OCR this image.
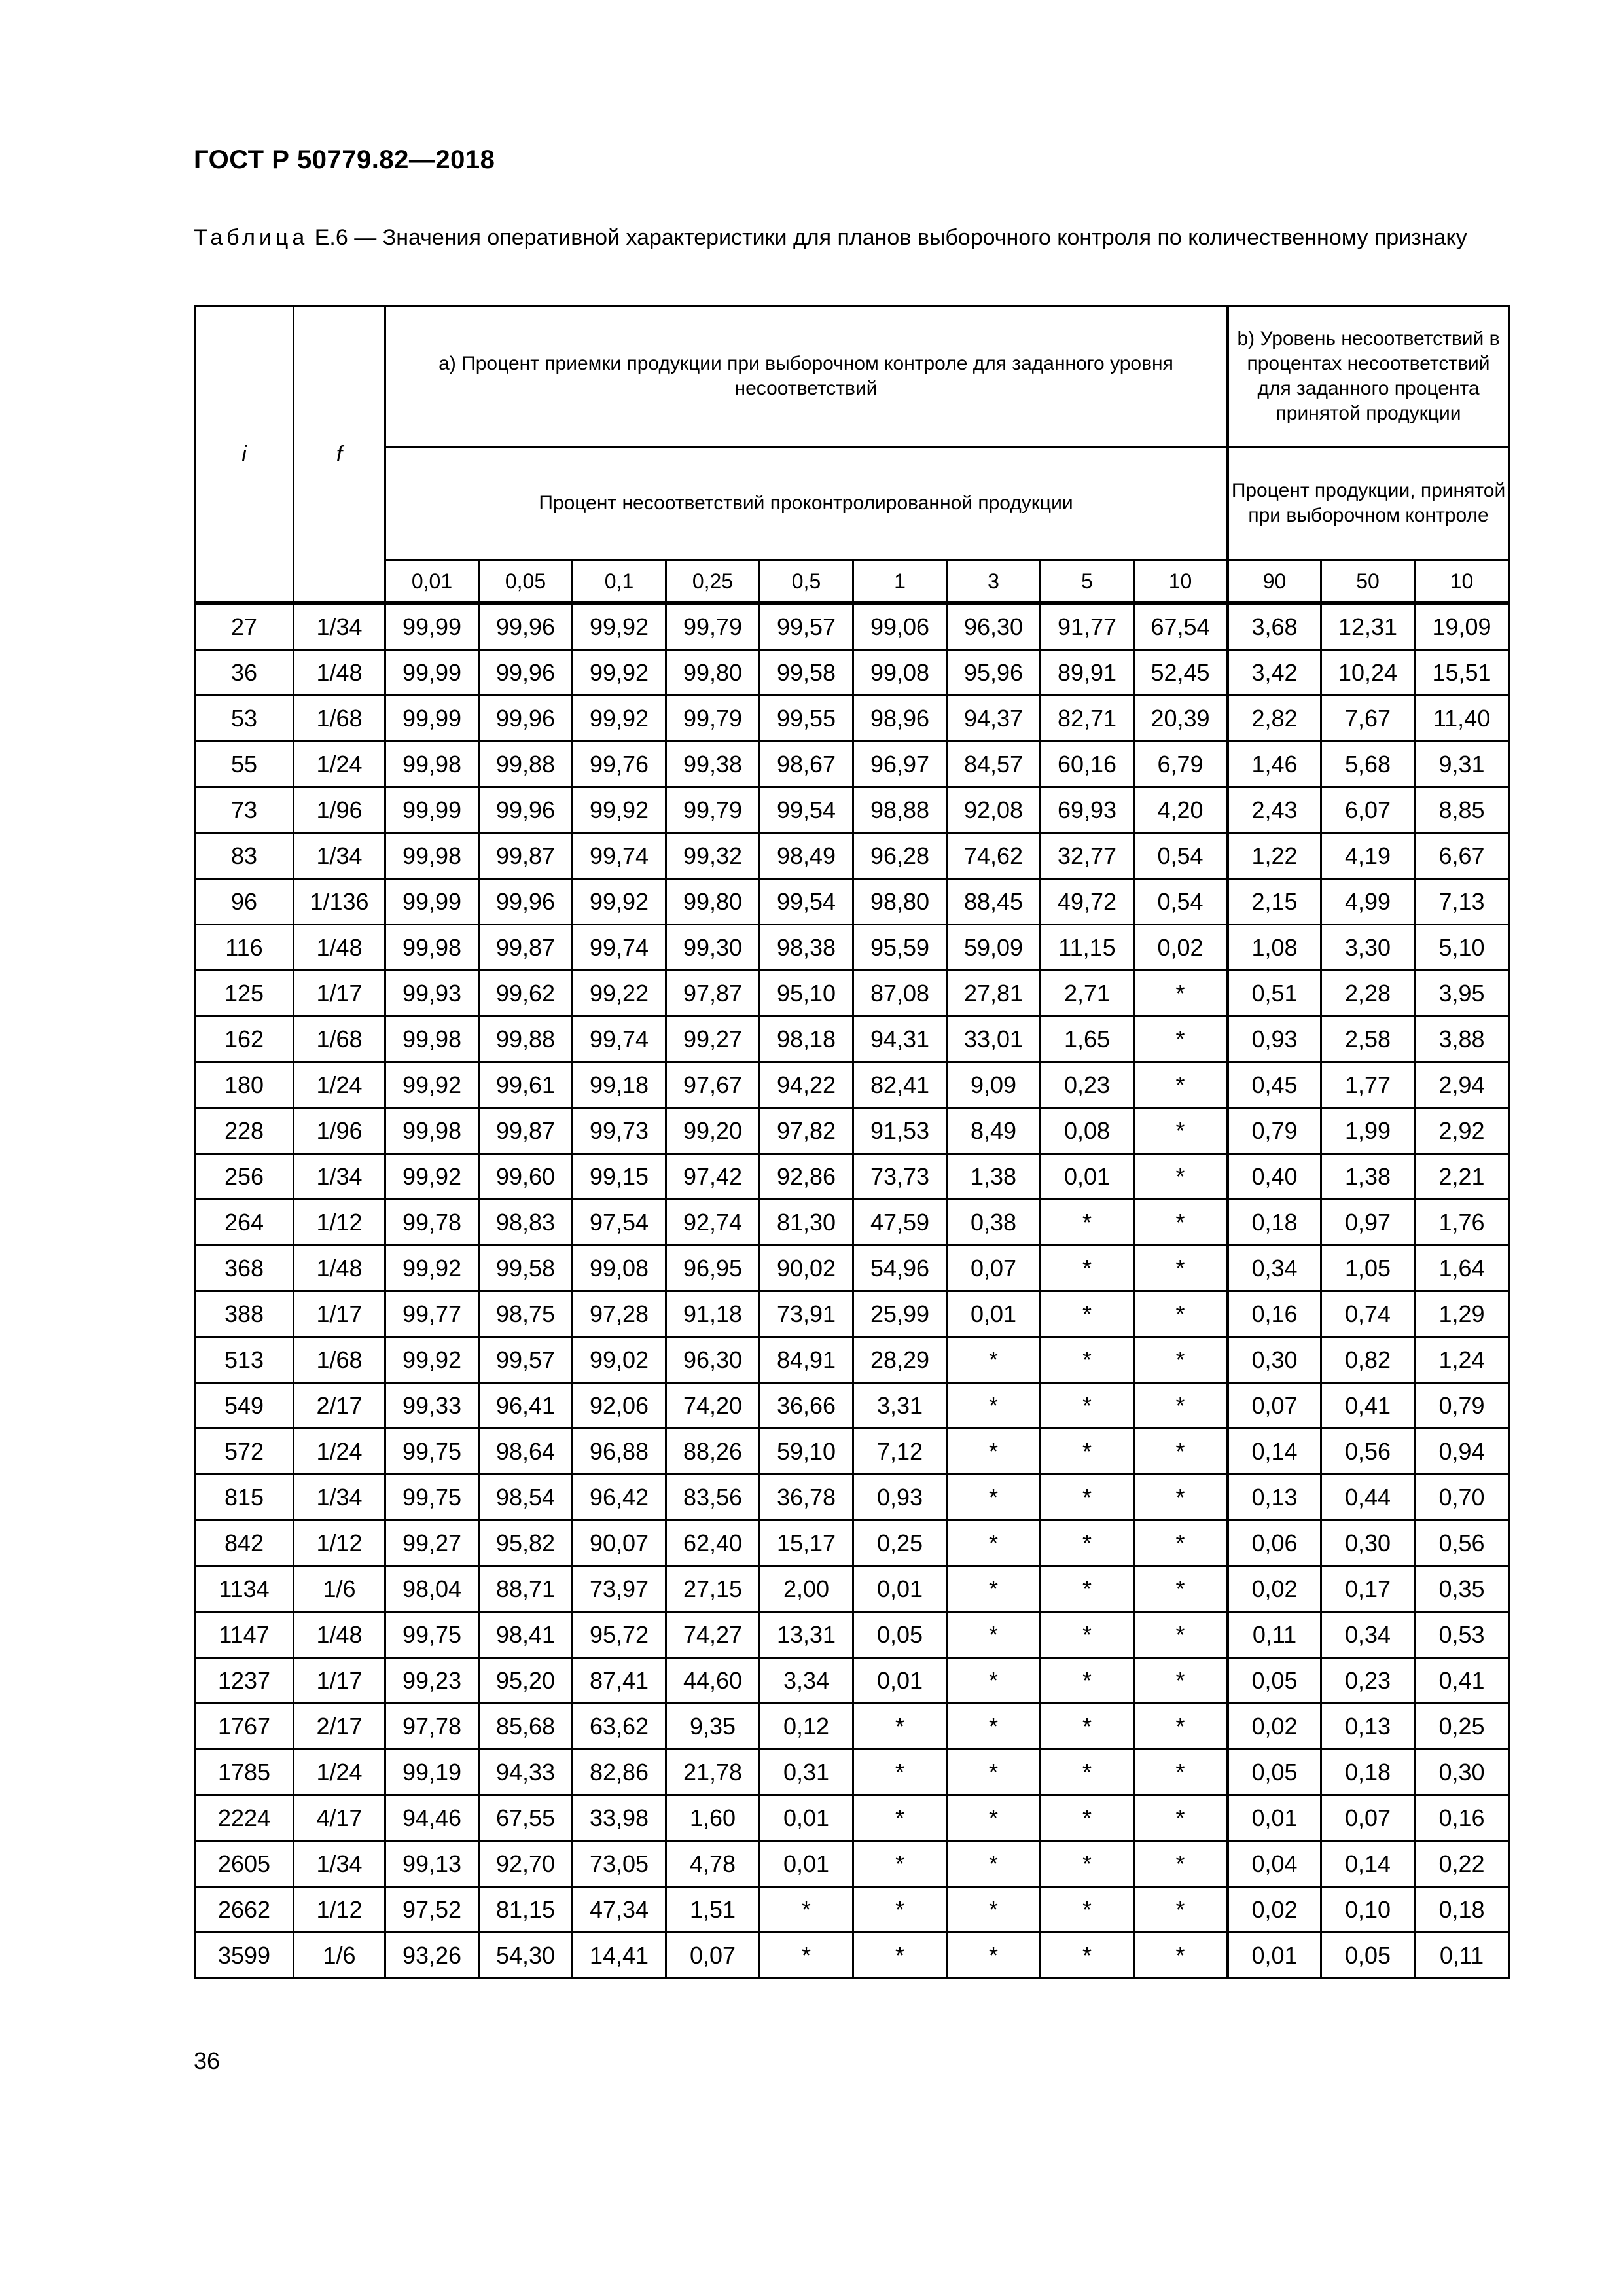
ГОСТ Р 50779.82—2018
Таблица Е.6 — Значения оперативной характеристики для планов выборочного контроля по количественному признаку
i	f	а) Процент приемки продукции при выборочном контроле для заданного уровня несоответствий									b) Уровень несоответствий в процентах несоответствий для заданного процента принятой продукции		
		Процент несоответствий проконтролированной продукции									Процент продукции, принятой при выборочном контроле		
		0,01	0,05	0,1	0,25	0,5	1	3	5	10	90	50	10
27	1/34	99,99	99,96	99,92	99,79	99,57	99,06	96,30	91,77	67,54	3,68	12,31	19,09
36	1/48	99,99	99,96	99,92	99,80	99,58	99,08	95,96	89,91	52,45	3,42	10,24	15,51
53	1/68	99,99	99,96	99,92	99,79	99,55	98,96	94,37	82,71	20,39	2,82	7,67	11,40
55	1/24	99,98	99,88	99,76	99,38	98,67	96,97	84,57	60,16	6,79	1,46	5,68	9,31
73	1/96	99,99	99,96	99,92	99,79	99,54	98,88	92,08	69,93	4,20	2,43	6,07	8,85
83	1/34	99,98	99,87	99,74	99,32	98,49	96,28	74,62	32,77	0,54	1,22	4,19	6,67
96	1/136	99,99	99,96	99,92	99,80	99,54	98,80	88,45	49,72	0,54	2,15	4,99	7,13
116	1/48	99,98	99,87	99,74	99,30	98,38	95,59	59,09	11,15	0,02	1,08	3,30	5,10
125	1/17	99,93	99,62	99,22	97,87	95,10	87,08	27,81	2,71	*	0,51	2,28	3,95
162	1/68	99,98	99,88	99,74	99,27	98,18	94,31	33,01	1,65	*	0,93	2,58	3,88
180	1/24	99,92	99,61	99,18	97,67	94,22	82,41	9,09	0,23	*	0,45	1,77	2,94
228	1/96	99,98	99,87	99,73	99,20	97,82	91,53	8,49	0,08	*	0,79	1,99	2,92
256	1/34	99,92	99,60	99,15	97,42	92,86	73,73	1,38	0,01	*	0,40	1,38	2,21
264	1/12	99,78	98,83	97,54	92,74	81,30	47,59	0,38	*	*	0,18	0,97	1,76
368	1/48	99,92	99,58	99,08	96,95	90,02	54,96	0,07	*	*	0,34	1,05	1,64
388	1/17	99,77	98,75	97,28	91,18	73,91	25,99	0,01	*	*	0,16	0,74	1,29
513	1/68	99,92	99,57	99,02	96,30	84,91	28,29	*	*	*	0,30	0,82	1,24
549	2/17	99,33	96,41	92,06	74,20	36,66	3,31	*	*	*	0,07	0,41	0,79
572	1/24	99,75	98,64	96,88	88,26	59,10	7,12	*	*	*	0,14	0,56	0,94
815	1/34	99,75	98,54	96,42	83,56	36,78	0,93	*	*	*	0,13	0,44	0,70
842	1/12	99,27	95,82	90,07	62,40	15,17	0,25	*	*	*	0,06	0,30	0,56
1134	1/6	98,04	88,71	73,97	27,15	2,00	0,01	*	*	*	0,02	0,17	0,35
1147	1/48	99,75	98,41	95,72	74,27	13,31	0,05	*	*	*	0,11	0,34	0,53
1237	1/17	99,23	95,20	87,41	44,60	3,34	0,01	*	*	*	0,05	0,23	0,41
1767	2/17	97,78	85,68	63,62	9,35	0,12	*	*	*	*	0,02	0,13	0,25
1785	1/24	99,19	94,33	82,86	21,78	0,31	*	*	*	*	0,05	0,18	0,30
2224	4/17	94,46	67,55	33,98	1,60	0,01	*	*	*	*	0,01	0,07	0,16
2605	1/34	99,13	92,70	73,05	4,78	0,01	*	*	*	*	0,04	0,14	0,22
2662	1/12	97,52	81,15	47,34	1,51	*	*	*	*	*	0,02	0,10	0,18
3599	1/6	93,26	54,30	14,41	0,07	*	*	*	*	*	0,01	0,05	0,11
36
